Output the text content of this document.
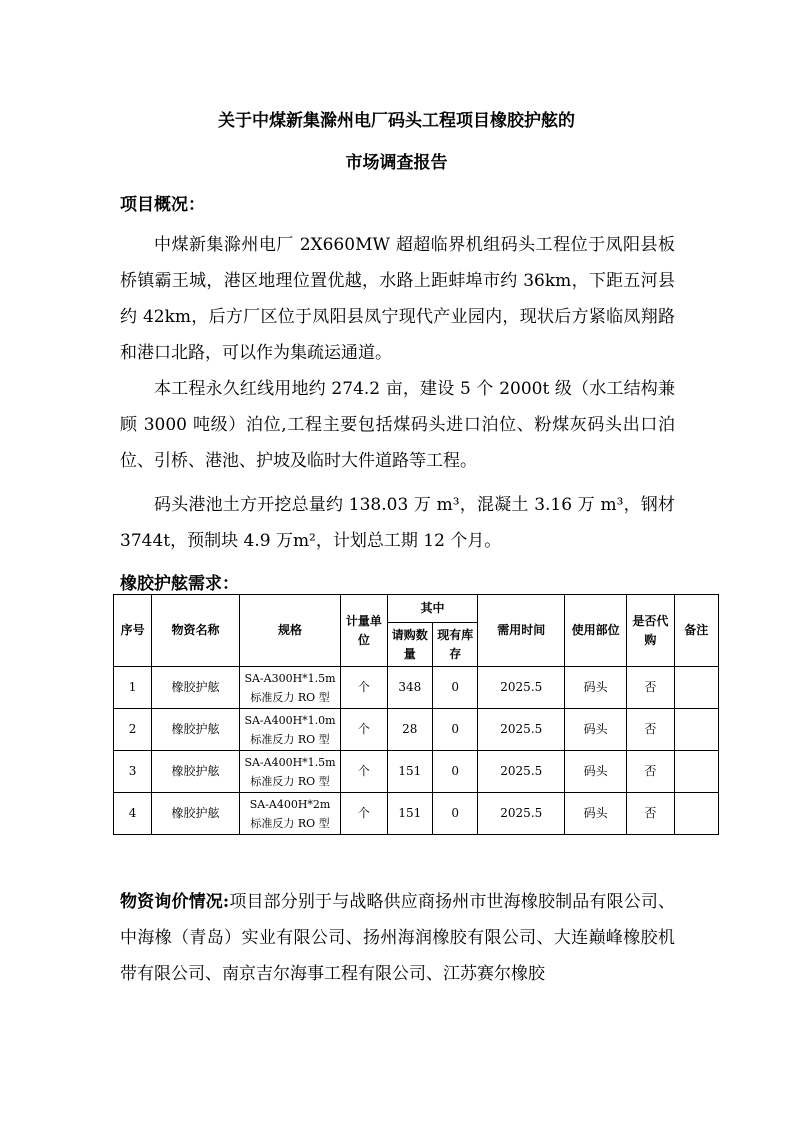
关于中煤新集滁州电厂码头工程项目橡胶护舷的
市场调查报告
项目概况：

中煤新集滁州电厂 2X660MW 超超临界机组码头工程位于凤阳县板桥镇霸王城，港区地理位置优越，水路上距蚌埠市约 36km，下距五河县约 42km，后方厂区位于凤阳县凤宁现代产业园内，现状后方紧临凤翔路和港口北路，可以作为集疏运通道。

本工程永久红线用地约 274.2 亩，建设 5 个 2000t 级（水工结构兼顾 3000 吨级）泊位,工程主要包括煤码头进口泊位、粉煤灰码头出口泊位、引桥、港池、护坡及临时大件道路等工程。

码头港池土方开挖总量约 138.03 万 m³，混凝土 3.16 万 m³，钢材 3744t，预制块 4.9 万m²，计划总工期 12 个月。

橡胶护舷需求：
序号	物资名称	规格	计量单位	其中		需用时间	使用部位	是否代购	备注
				请购数量	现有库存				
1	橡胶护舷	SA-A300H*1.5m
标准反力 RO 型	个	348	0	2025.5	码头	否	
2	橡胶护舷	SA-A400H*1.0m
标准反力 RO 型	个	28	0	2025.5	码头	否	
3	橡胶护舷	SA-A400H*1.5m
标准反力 RO 型	个	151	0	2025.5	码头	否	
4	橡胶护舷	SA-A400H*2m
标准反力 RO 型	个	151	0	2025.5	码头	否	

物资询价情况:项目部分别于与战略供应商扬州市世海橡胶制品有限公司、中海橡（青岛）实业有限公司、扬州海润橡胶有限公司、大连巅峰橡胶机带有限公司、南京吉尔海事工程有限公司、江苏赛尔橡胶
